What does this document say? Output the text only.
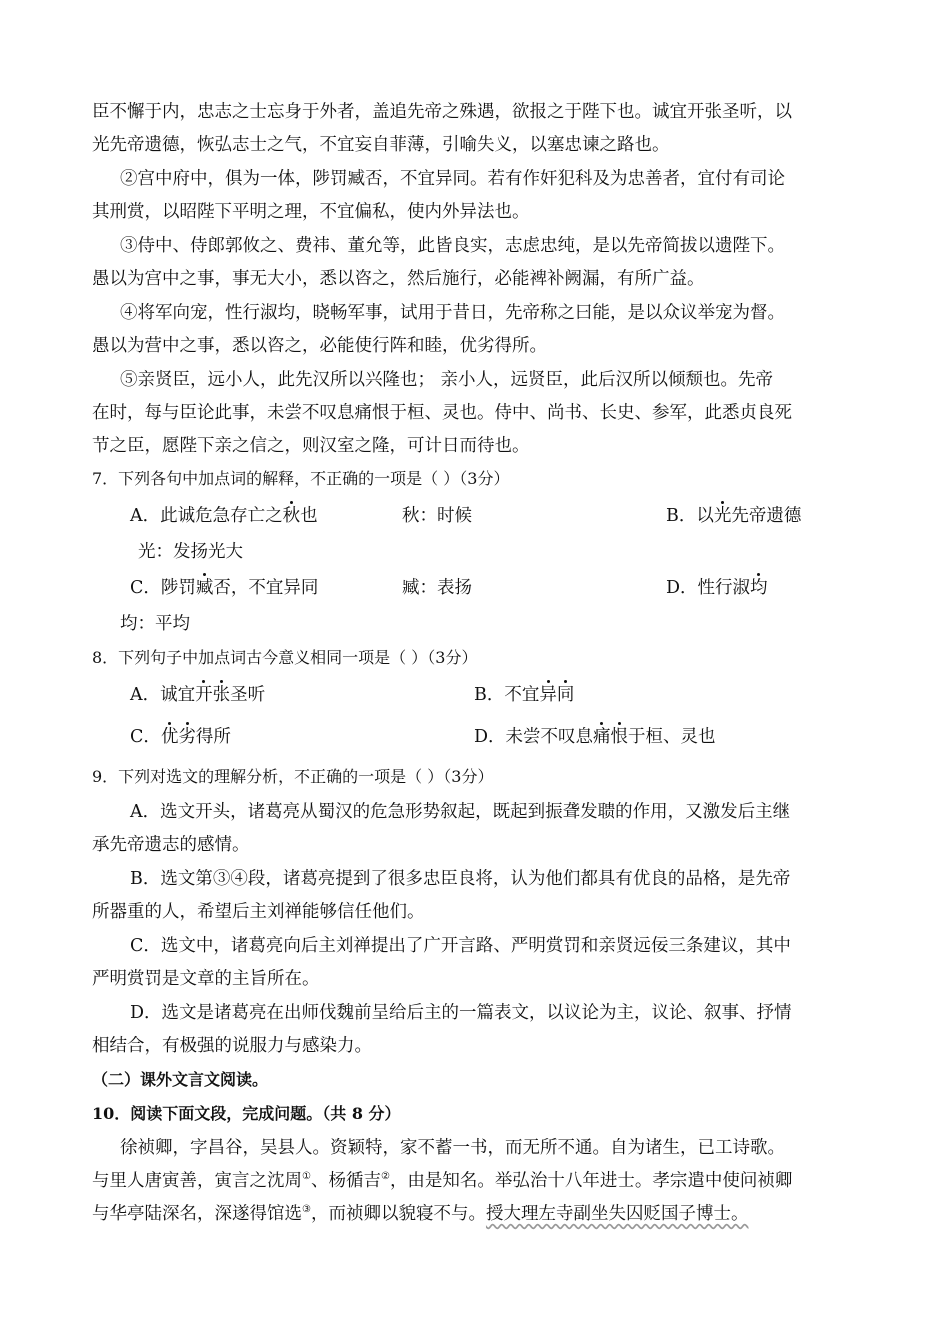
臣不懈于内，忠志之士忘身于外者，盖追先帝之殊遇，欲报之于陛下也。诚宜开张圣听，以
光先帝遗德，恢弘志士之气，不宜妄自菲薄，引喻失义，以塞忠谏之路也。
②宫中府中，俱为一体，陟罚臧否，不宜异同。若有作奸犯科及为忠善者，宜付有司论
其刑赏，以昭陛下平明之理，不宜偏私，使内外异法也。
③侍中、侍郎郭攸之、费祎、董允等，此皆良实，志虑忠纯，是以先帝简拔以遗陛下。
愚以为宫中之事，事无大小，悉以咨之，然后施行，必能裨补阙漏，有所广益。
④将军向宠，性行淑均，晓畅军事，试用于昔日，先帝称之曰能，是以众议举宠为督。
愚以为营中之事，悉以咨之，必能使行阵和睦，优劣得所。
⑤亲贤臣，远小人，此先汉所以兴隆也； 亲小人，远贤臣，此后汉所以倾颓也。先帝
在时，每与臣论此事，未尝不叹息痛恨于桓、灵也。侍中、尚书、长史、参军，此悉贞良死
节之臣，愿陛下亲之信之，则汉室之隆，可计日而待也。
7．下列各句中加点词的解释，不正确的一项是（ ）（3分）
A．此诚危急存亡之秋也	秋：时候	B．以光先帝遗德
光：发扬光大
C．陟罚臧否，不宜异同	臧：表扬	D．性行淑均
均：平均
8．下列句子中加点词古今意义相同一项是（ ）（3分）
A．诚宜开张圣听	B．不宜异同
C．优劣得所	D．未尝不叹息痛恨于桓、灵也
9．下列对选文的理解分析，不正确的一项是（ ）（3分）
A．选文开头，诸葛亮从蜀汉的危急形势叙起，既起到振聋发聩的作用，又激发后主继
承先帝遗志的感情。
B．选文第③④段，诸葛亮提到了很多忠臣良将，认为他们都具有优良的品格，是先帝
所器重的人，希望后主刘禅能够信任他们。
C．选文中，诸葛亮向后主刘禅提出了广开言路、严明赏罚和亲贤远佞三条建议，其中
严明赏罚是文章的主旨所在。
D．选文是诸葛亮在出师伐魏前呈给后主的一篇表文，以议论为主，议论、叙事、抒情
相结合，有极强的说服力与感染力。
（二）课外文言文阅读。
10．阅读下面文段，完成问题。（共 8 分）
徐祯卿，字昌谷，吴县人。资颖特，家不蓄一书，而无所不通。自为诸生，已工诗歌。
与里人唐寅善，寅言之沈周①、杨循吉②，由是知名。举弘治十八年进士。孝宗遣中使问祯卿
与华亭陆深名，深遂得馆选③，而祯卿以貌寝不与。授大理左寺副坐失囚贬国子博士。
